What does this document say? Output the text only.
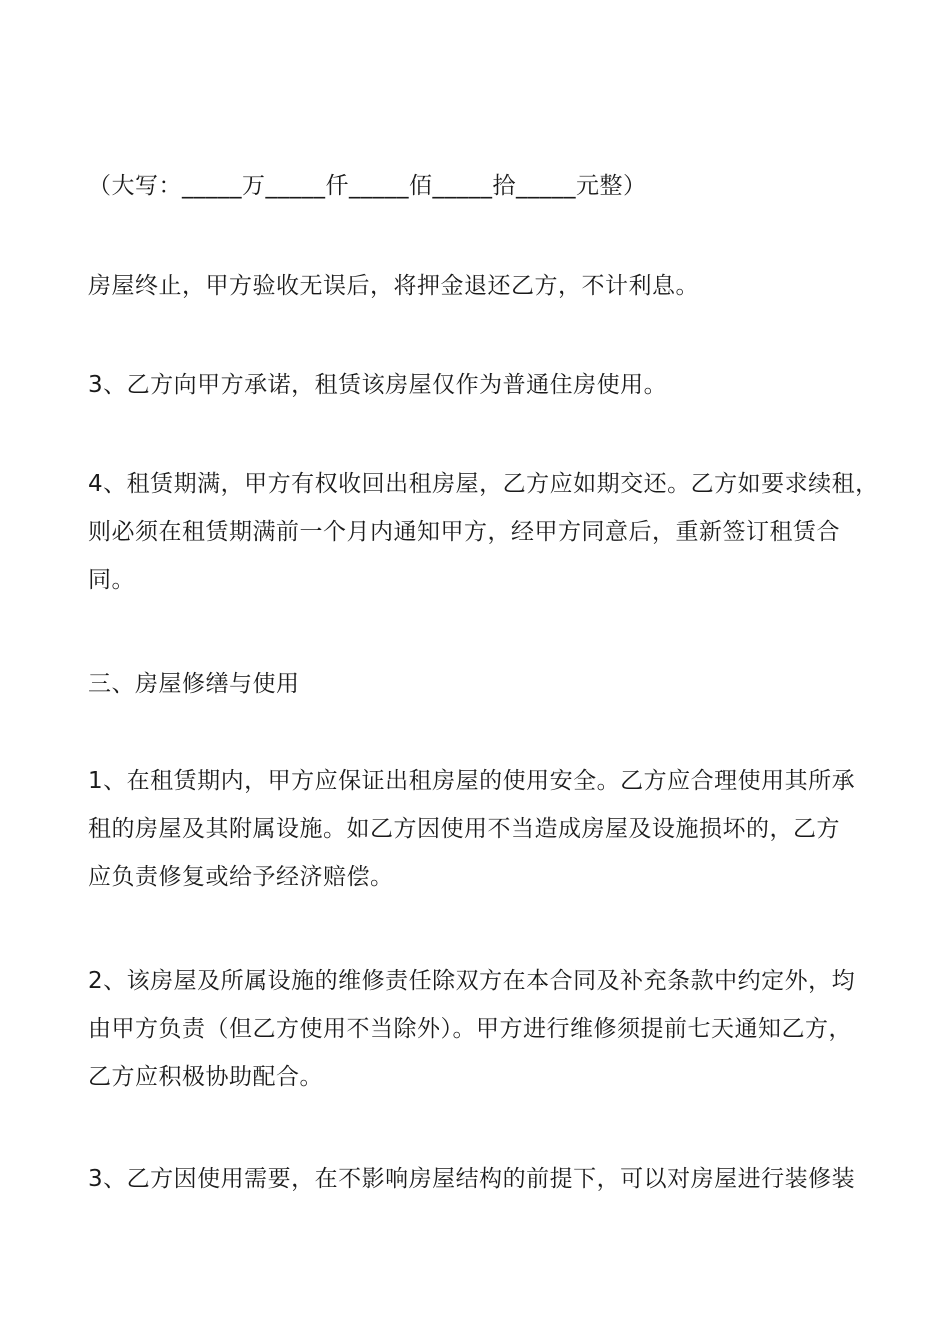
（大写：_____万_____仟_____佰_____拾_____元整）

房屋终止，甲方验收无误后，将押金退还乙方，不计利息。

3、乙方向甲方承诺，租赁该房屋仅作为普通住房使用。

4、租赁期满，甲方有权收回出租房屋，乙方应如期交还。乙方如要求续租，
则必须在租赁期满前一个月内通知甲方，经甲方同意后，重新签订租赁合
同。

三、房屋修缮与使用

1、在租赁期内，甲方应保证出租房屋的使用安全。乙方应合理使用其所承
租的房屋及其附属设施。如乙方因使用不当造成房屋及设施损坏的，乙方
应负责修复或给予经济赔偿。

2、该房屋及所属设施的维修责任除双方在本合同及补充条款中约定外，均
由甲方负责（但乙方使用不当除外）。甲方进行维修须提前七天通知乙方，
乙方应积极协助配合。

3、乙方因使用需要，在不影响房屋结构的前提下，可以对房屋进行装修装
